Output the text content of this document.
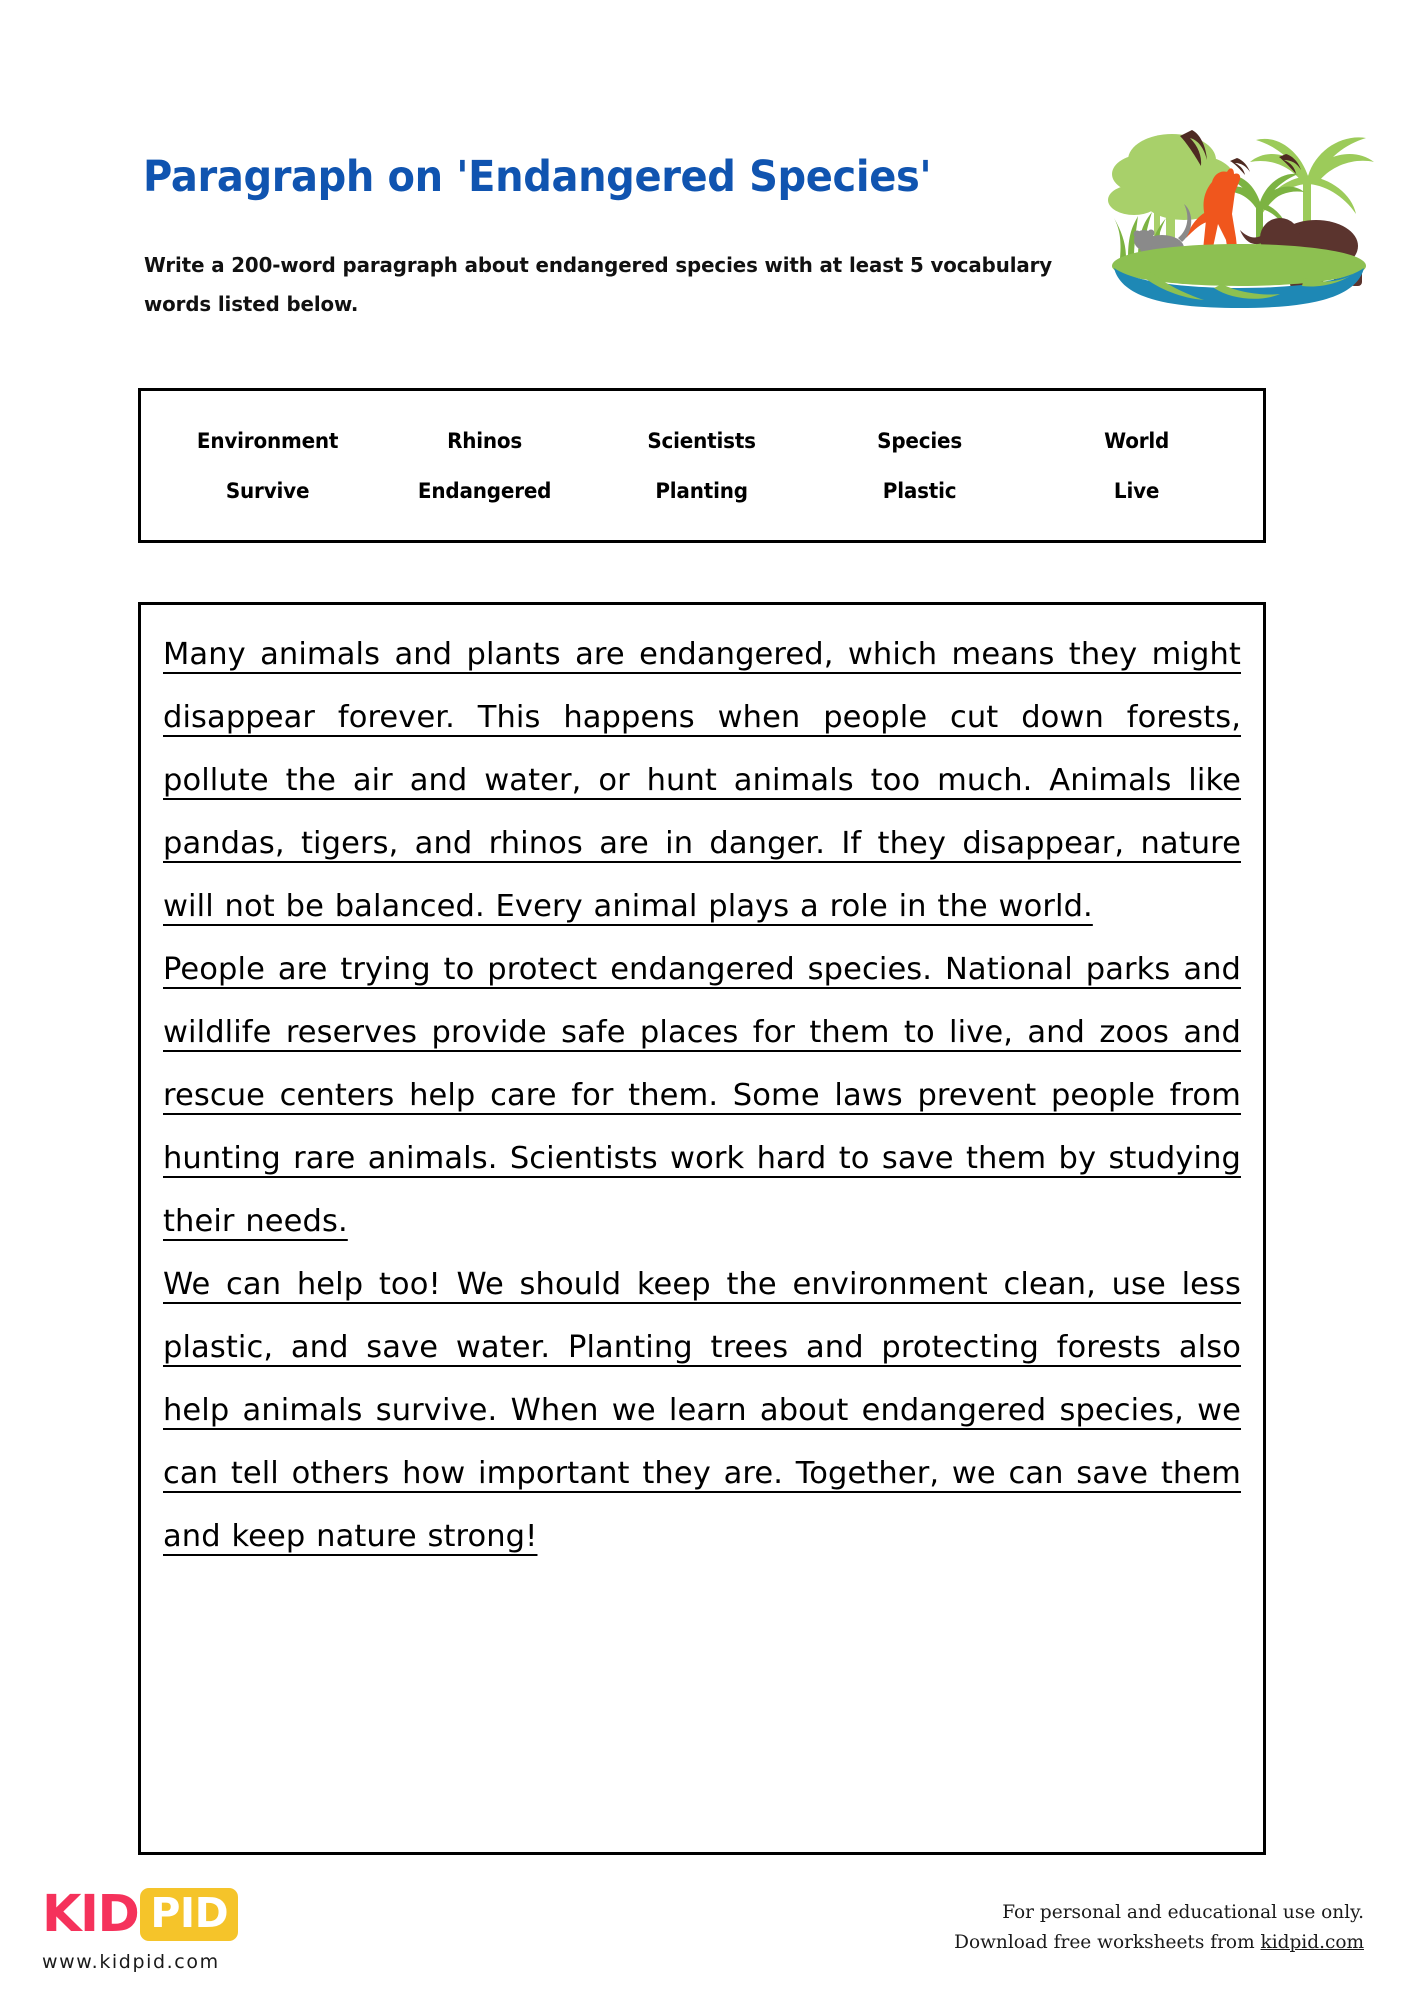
Paragraph on 'Endangered Species'
Write a 200-word paragraph about endangered species with at least 5 vocabulary words listed below.
Environment	Rhinos	Scientists	Species	World
Survive	Endangered	Planting	Plastic	Live

Many animals and plants are endangered, which means they might disappear forever. This happens when people cut down forests, pollute the air and water, or hunt animals too much. Animals like pandas, tigers, and rhinos are in danger. If they disappear, nature will not be balanced. Every animal plays a role in the world.

People are trying to protect endangered species. National parks and wildlife reserves provide safe places for them to live, and zoos and rescue centers help care for them. Some laws prevent people from hunting rare animals. Scientists work hard to save them by studying their needs.

We can help too! We should keep the environment clean, use less plastic, and save water. Planting trees and protecting forests also help animals survive. When we learn about endangered species, we can tell others how important they are. Together, we can save them and keep nature strong!

KID PID
www.kidpid.com
For personal and educational use only.
Download free worksheets from kidpid.com
